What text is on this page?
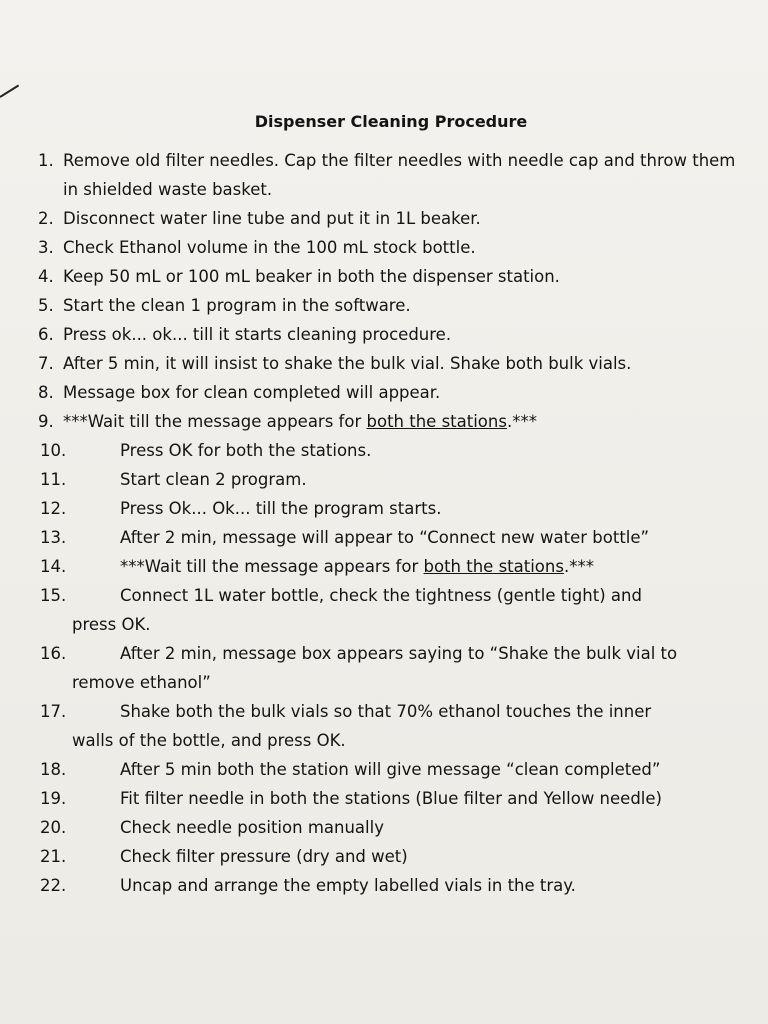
Dispenser Cleaning Procedure
1. Remove old filter needles. Cap the filter needles with needle cap and throw them in shielded waste basket.
2. Disconnect water line tube and put it in 1L beaker.
3. Check Ethanol volume in the 100 mL stock bottle.
4. Keep 50 mL or 100 mL beaker in both the dispenser station.
5. Start the clean 1 program in the software.
6. Press ok... ok... till it starts cleaning procedure.
7. After 5 min, it will insist to shake the bulk vial. Shake both bulk vials.
8. Message box for clean completed will appear.
9. ***Wait till the message appears for both the stations.***
10.	Press OK for both the stations.
11.	Start clean 2 program.
12.	Press Ok... Ok... till the program starts.
13.	After 2 min, message will appear to “Connect new water bottle”
14.	***Wait till the message appears for both the stations.***
15.	Connect 1L water bottle, check the tightness (gentle tight) and
press OK.
16.	After 2 min, message box appears saying to “Shake the bulk vial to
remove ethanol”
17.	Shake both the bulk vials so that 70% ethanol touches the inner
walls of the bottle, and press OK.
18.	After 5 min both the station will give message “clean completed”
19.	Fit filter needle in both the stations (Blue filter and Yellow needle)
20.	Check needle position manually
21.	Check filter pressure (dry and wet)
22.	Uncap and arrange the empty labelled vials in the tray.
